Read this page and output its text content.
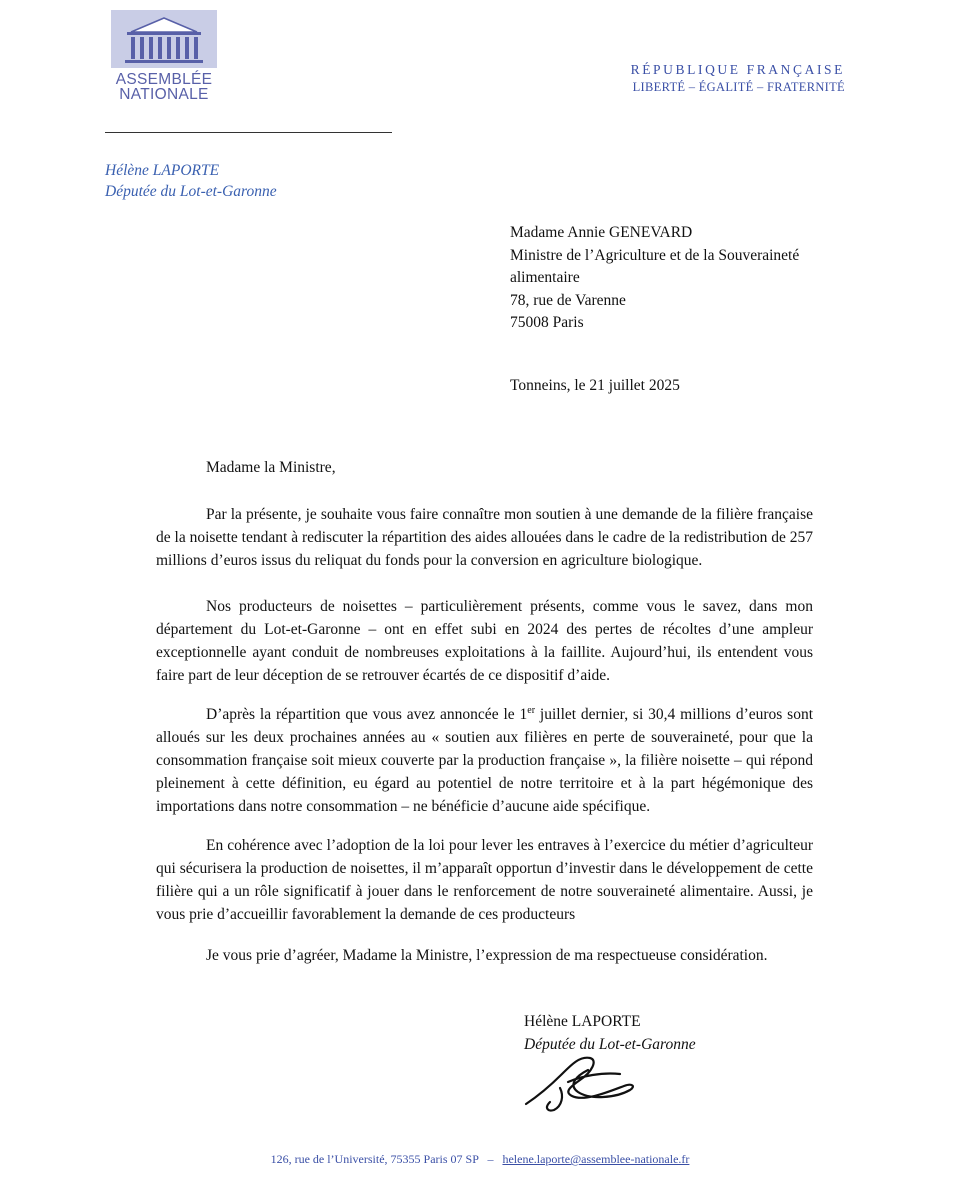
ASSEMBLÉE
NATIONALE
RÉPUBLIQUE FRANÇAISE
LIBERTÉ – ÉGALITÉ – FRATERNITÉ
Hélène LAPORTE
Députée du Lot-et-Garonne
Madame Annie GENEVARD
Ministre de l’Agriculture et de la Souveraineté
alimentaire
78, rue de Varenne
75008 Paris
Tonneins, le 21 juillet 2025
Madame la Ministre,

Par la présente, je souhaite vous faire connaître mon soutien à une demande de la filière française de la noisette tendant à rediscuter la répartition des aides allouées dans le cadre de la redistribution de 257 millions d’euros issus du reliquat du fonds pour la conversion en agriculture biologique.

Nos producteurs de noisettes – particulièrement présents, comme vous le savez, dans mon département du Lot-et-Garonne – ont en effet subi en 2024 des pertes de récoltes d’une ampleur exceptionnelle ayant conduit de nombreuses exploitations à la faillite. Aujourd’hui, ils entendent vous faire part de leur déception de se retrouver écartés de ce dispositif d’aide.

D’après la répartition que vous avez annoncée le 1er juillet dernier, si 30,4 millions d’euros sont alloués sur les deux prochaines années au « soutien aux filières en perte de souveraineté, pour que la consommation française soit mieux couverte par la production française », la filière noisette – qui répond pleinement à cette définition, eu égard au potentiel de notre territoire et à la part hégémonique des importations dans notre consommation – ne bénéficie d’aucune aide spécifique.

En cohérence avec l’adoption de la loi pour lever les entraves à l’exercice du métier d’agriculteur qui sécurisera la production de noisettes, il m’apparaît opportun d’investir dans le développement de cette filière qui a un rôle significatif à jouer dans le renforcement de notre souveraineté alimentaire. Aussi, je vous prie d’accueillir favorablement la demande de ces producteurs

Je vous prie d’agréer, Madame la Ministre, l’expression de ma respectueuse considération.

Hélène LAPORTE
Députée du Lot-et-Garonne
126, rue de l’Université, 75355 Paris 07 SP – helene.laporte@assemblee-nationale.fr
